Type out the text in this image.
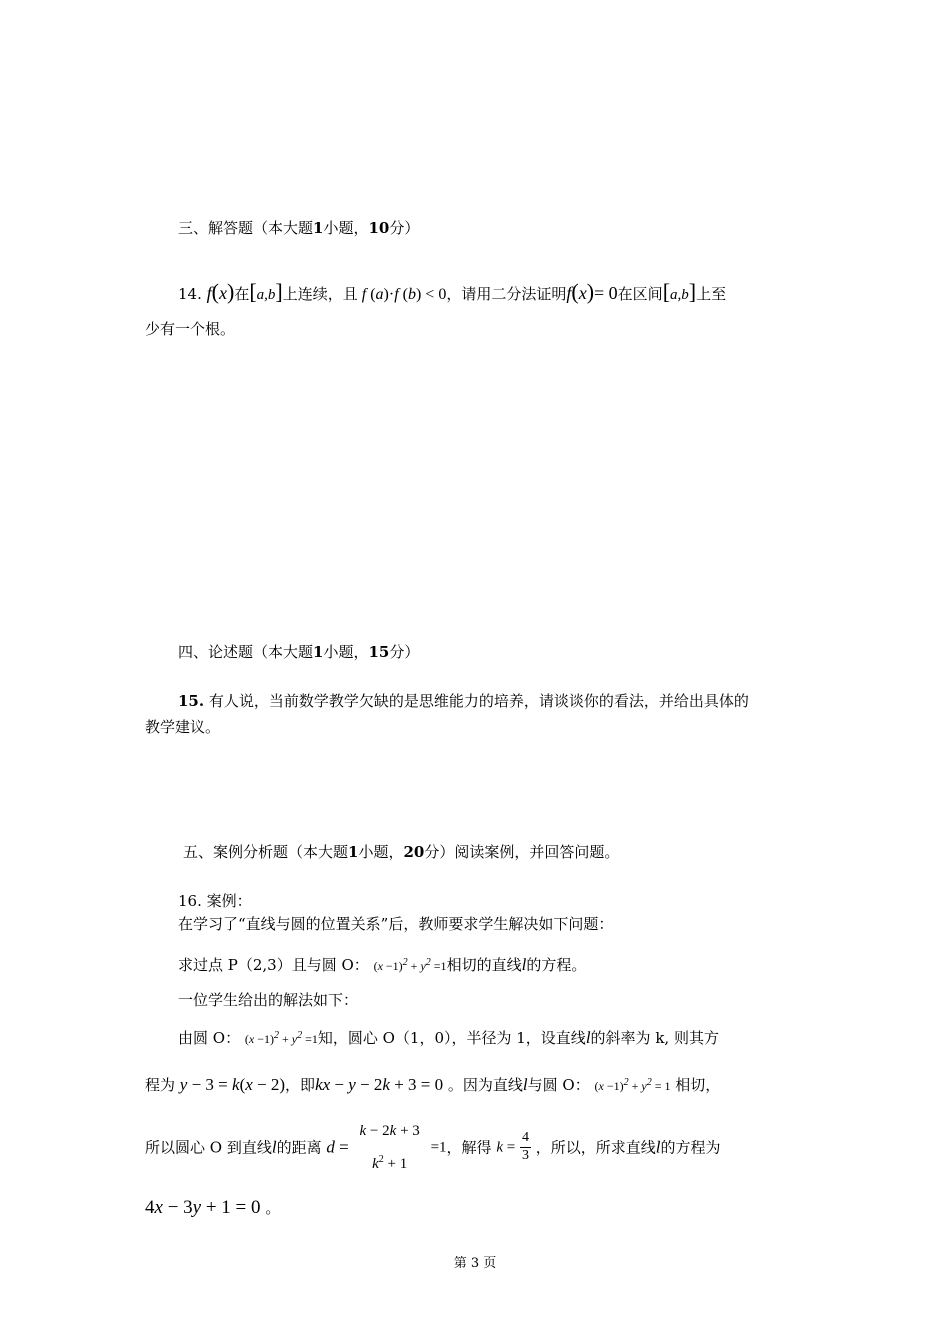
三、解答题（本大题1小题，10分）
14. f(x)在[a,b]上连续，且 f (a)·f (b) < 0，请用二分法证明f(x)= 0在区间[a,b]上至
少有一个根。
四、论述题（本大题1小题，15分）
15. 有人说，当前数学教学欠缺的是思维能力的培养，请谈谈你的看法，并给出具体的
教学建议。
五、案例分析题（本大题1小题，20分）阅读案例，并回答问题。
16. 案例：
在学习了“直线与圆的位置关系”后，教师要求学生解决如下问题：
求过点 P（2,3）且与圆 O： $(x -1)^2 + y^2 =1$相切的直线l的方程。
一位学生给出的解法如下：
由圆 O： $(x -1)^2 + y^2 =1$知，圆心 O（1，0），半径为 1，设直线l的斜率为 k, 则其方
程为 y − 3 = k(x − 2)，即kx − y − 2k + 3 = 0 。因为直线l与圆 O： $(x -1)^2 + y^2 = 1$ 相切，
所以圆心 O 到直线l的距离 d =
k − 2k + 3
$k^2 + 1$
=1，解得 $k = \frac{4}{3}$ ，所以，所求直线l的方程为
4x − 3y + 1 = 0 。
第 3 页
